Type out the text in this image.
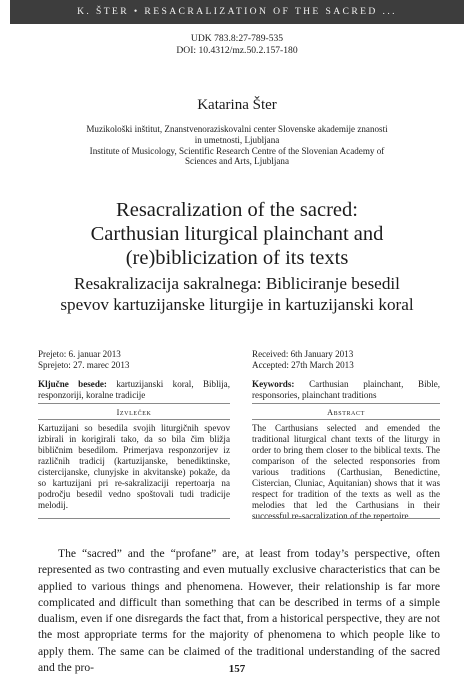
K. ŠTER • RESACRALIZATION OF THE SACRED ...
UDK 783.8:27-789-535
DOI: 10.4312/mz.50.2.157-180
Katarina Šter
Muzikološki inštitut, Znanstvenoraziskovalni center Slovenske akademije znanosti in umetnosti, Ljubljana
Institute of Musicology, Scientific Research Centre of the Slovenian Academy of Sciences and Arts, Ljubljana
Resacralization of the sacred:
Carthusian liturgical plainchant and
(re)biblicization of its texts
Resakralizacija sakralnega: Bibliciranje besedil
spevov kartuzijanske liturgije in kartuzijanski koral
Prejeto: 6. januar 2013
Sprejeto: 27. marec 2013
Ključne besede: kartuzijanski koral, Biblija, responzoriji, koralne tradicije
Izvleček
Kartuzijani so besedila svojih liturgičnih spevov izbirali in korigirali tako, da so bila čim bližja bibličnim besedilom. Primerjava responzorijev iz različnih tradicij (kartuzijanske, benediktinske, cistercijanske, clunyjske in akvitanske) pokaže, da so kartuzijani pri re-sakralizaciji repertoarja na področju besedil vedno spoštovali tudi tradicije melodij.
Received: 6th January 2013
Accepted: 27th March 2013
Keywords: Carthusian plainchant, Bible, responsories, plainchant traditions
Abstract
The Carthusians selected and emended the traditional liturgical chant texts of the liturgy in order to bring them closer to the biblical texts. The comparison of the selected responsories from various traditions (Carthusian, Benedictine, Cistercian, Cluniac, Aquitanian) shows that it was respect for tradition of the texts as well as the melodies that led the Carthusians in their successful re-sacralization of the repertoire.

The “sacred” and the “profane” are, at least from today’s perspective, often represented as two contrasting and even mutually exclusive characteristics that can be applied to various things and phenomena. However, their relationship is far more complicated and difficult than something that can be described in terms of a simple dualism, even if one disregards the fact that, from a historical perspective, they are not the most appropriate terms for the majority of phenomena to which people like to apply them. The same can be claimed of the traditional understanding of the sacred and the pro-	157
